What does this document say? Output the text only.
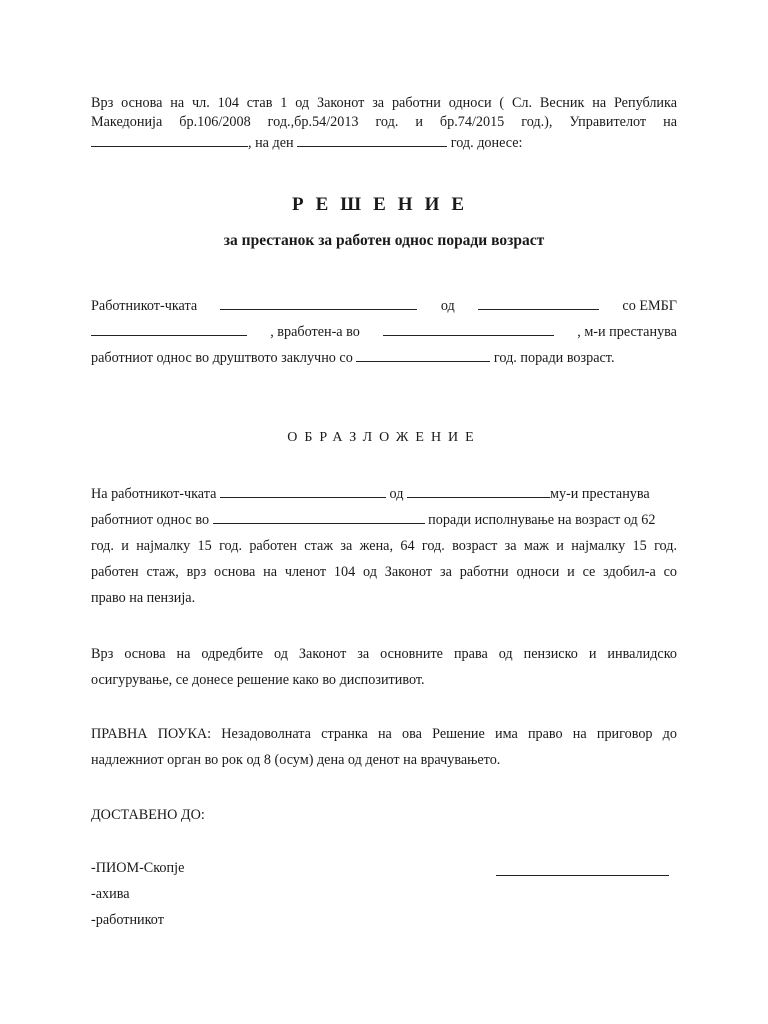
Врз основа на чл. 104 став 1 од Законот за работни односи ( Сл. Весник на Република
Македонија бр.106/2008 год.,бр.54/2013 год. и бр.74/2015 год.), Управителот на
, на ден	год. донесе:
РЕШЕНИЕ
за престанок за работен однос поради возраст
Работникот-чката	од	со ЕМБГ
, вработен-а во	, м-и престанува
работниот однос во друштвото заклучно со	год. поради возраст.
ОБРАЗЛОЖЕНИЕ
На работникот-чката	од	му-и престанува
работниот однос во	поради исполнување на возраст од 62
год. и најмалку 15 год. работен стаж за жена, 64 год. возраст за маж и најмалку 15 год.
работен стаж, врз основа на членот 104 од Законот за работни односи и се здобил-а со
право на пензија.
Врз основа на одредбите од Законот за основните права од пензиско и инвалидско
осигурување, се донесе решение како во диспозитивот.
ПРАВНА ПОУКА: Незадоволната странка на ова Решение има право на приговор до
надлежниот орган во рок од 8 (осум) дена од денот на врачувањето.
ДОСТАВЕНО ДО:
-ПИОМ-Скопје
-ахива
-работникот
